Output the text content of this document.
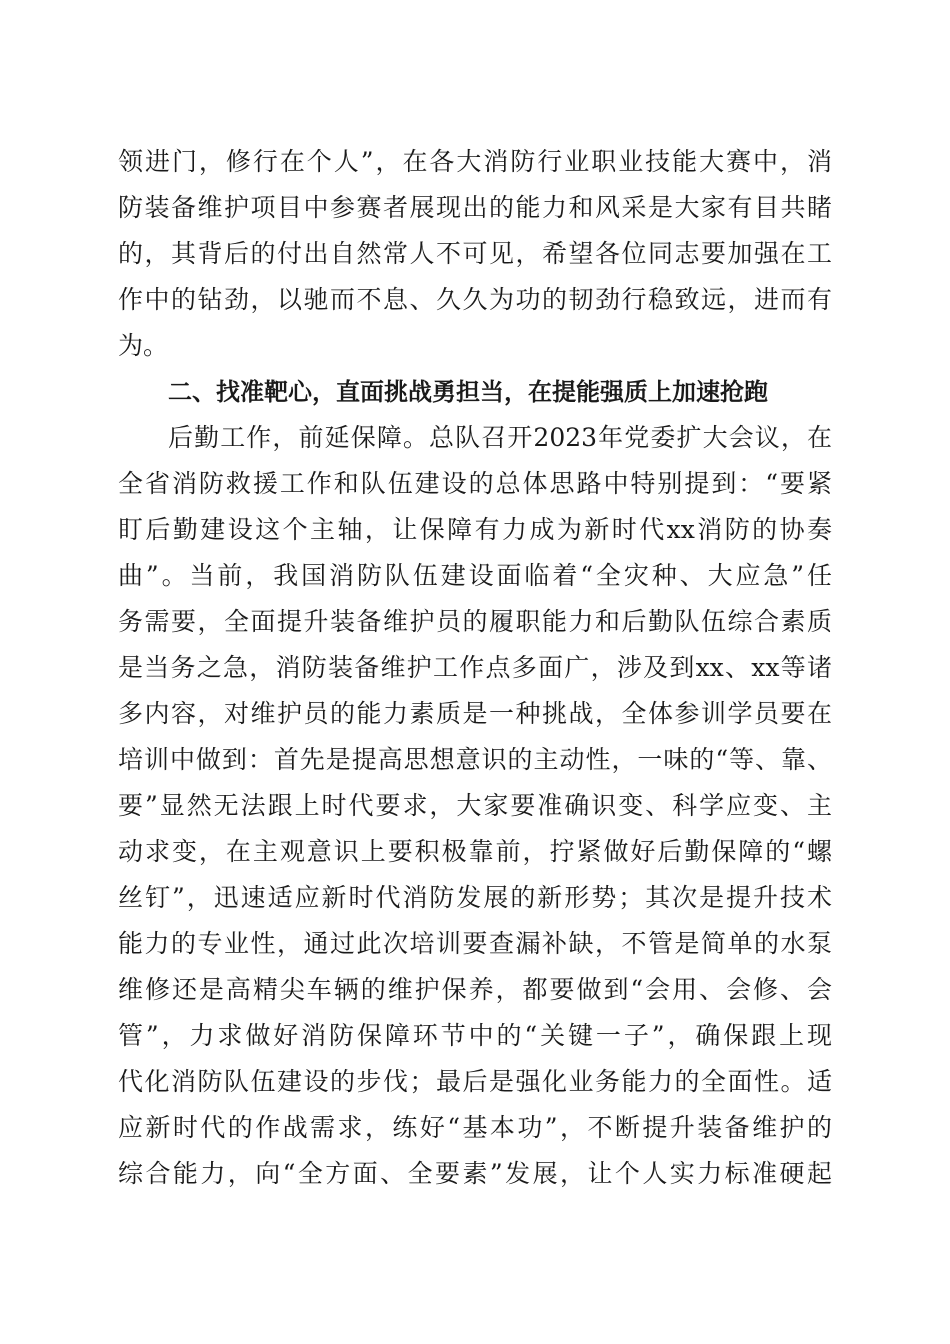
领进门，修行在个人”，在各大消防行业职业技能大赛中，消
防装备维护项目中参赛者展现出的能力和风采是大家有目共睹
的，其背后的付出自然常人不可见，希望各位同志要加强在工
作中的钻劲，以驰而不息、久久为功的韧劲行稳致远，进而有
为。
二、找准靶心，直面挑战勇担当，在提能强质上加速抢跑
后勤工作，前延保障。总队召开2023年党委扩大会议，在
全省消防救援工作和队伍建设的总体思路中特别提到：“要紧
盯后勤建设这个主轴，让保障有力成为新时代xx消防的协奏
曲”。当前，我国消防队伍建设面临着“全灾种、大应急”任
务需要，全面提升装备维护员的履职能力和后勤队伍综合素质
是当务之急，消防装备维护工作点多面广，涉及到xx、xx等诸
多内容，对维护员的能力素质是一种挑战，全体参训学员要在
培训中做到：首先是提高思想意识的主动性，一味的“等、靠、
要”显然无法跟上时代要求，大家要准确识变、科学应变、主
动求变，在主观意识上要积极靠前，拧紧做好后勤保障的“螺
丝钉”，迅速适应新时代消防发展的新形势；其次是提升技术
能力的专业性，通过此次培训要查漏补缺，不管是简单的水泵
维修还是高精尖车辆的维护保养，都要做到“会用、会修、会
管”，力求做好消防保障环节中的“关键一子”，确保跟上现
代化消防队伍建设的步伐；最后是强化业务能力的全面性。适
应新时代的作战需求，练好“基本功”，不断提升装备维护的
综合能力，向“全方面、全要素”发展，让个人实力标准硬起
